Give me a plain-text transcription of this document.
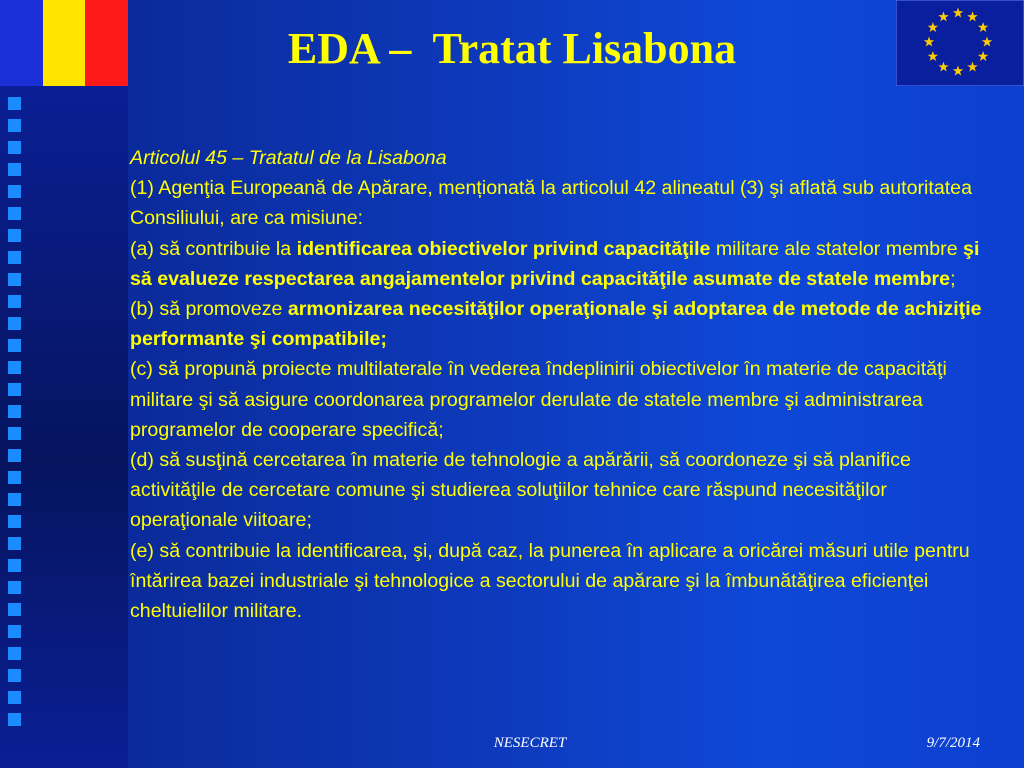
EDA –  Tratat Lisabona

Articolul 45 – Tratatul de la Lisabona

(1) Agenţia Europeană de Apărare, menționată la articolul 42 alineatul (3) şi aflată sub autoritatea Consiliului, are ca misiune:

(a) să contribuie la identificarea obiectivelor privind capacităţile militare ale statelor membre şi să evalueze respectarea angajamentelor privind capacităţile asumate de statele membre;

(b) să promoveze armonizarea necesităţilor operaţionale şi adoptarea de metode de achiziţie performante şi compatibile;

(c) să propună proiecte multilaterale în vederea îndeplinirii obiectivelor în materie de capacităţi militare şi să asigure coordonarea programelor derulate de statele membre şi administrarea programelor de cooperare specifică;

(d) să susţină cercetarea în materie de tehnologie a apărării, să coordoneze şi să planifice activităţile de cercetare comune şi studierea soluţiilor tehnice care răspund necesităţilor operaţionale viitoare;

(e) să contribuie la identificarea, şi, după caz, la punerea în aplicare a oricărei măsuri utile pentru întărirea bazei industriale şi tehnologice a sectorului de apărare şi la îmbunătăţirea eficienţei cheltuielilor militare.

NESECRET	9/7/2014
